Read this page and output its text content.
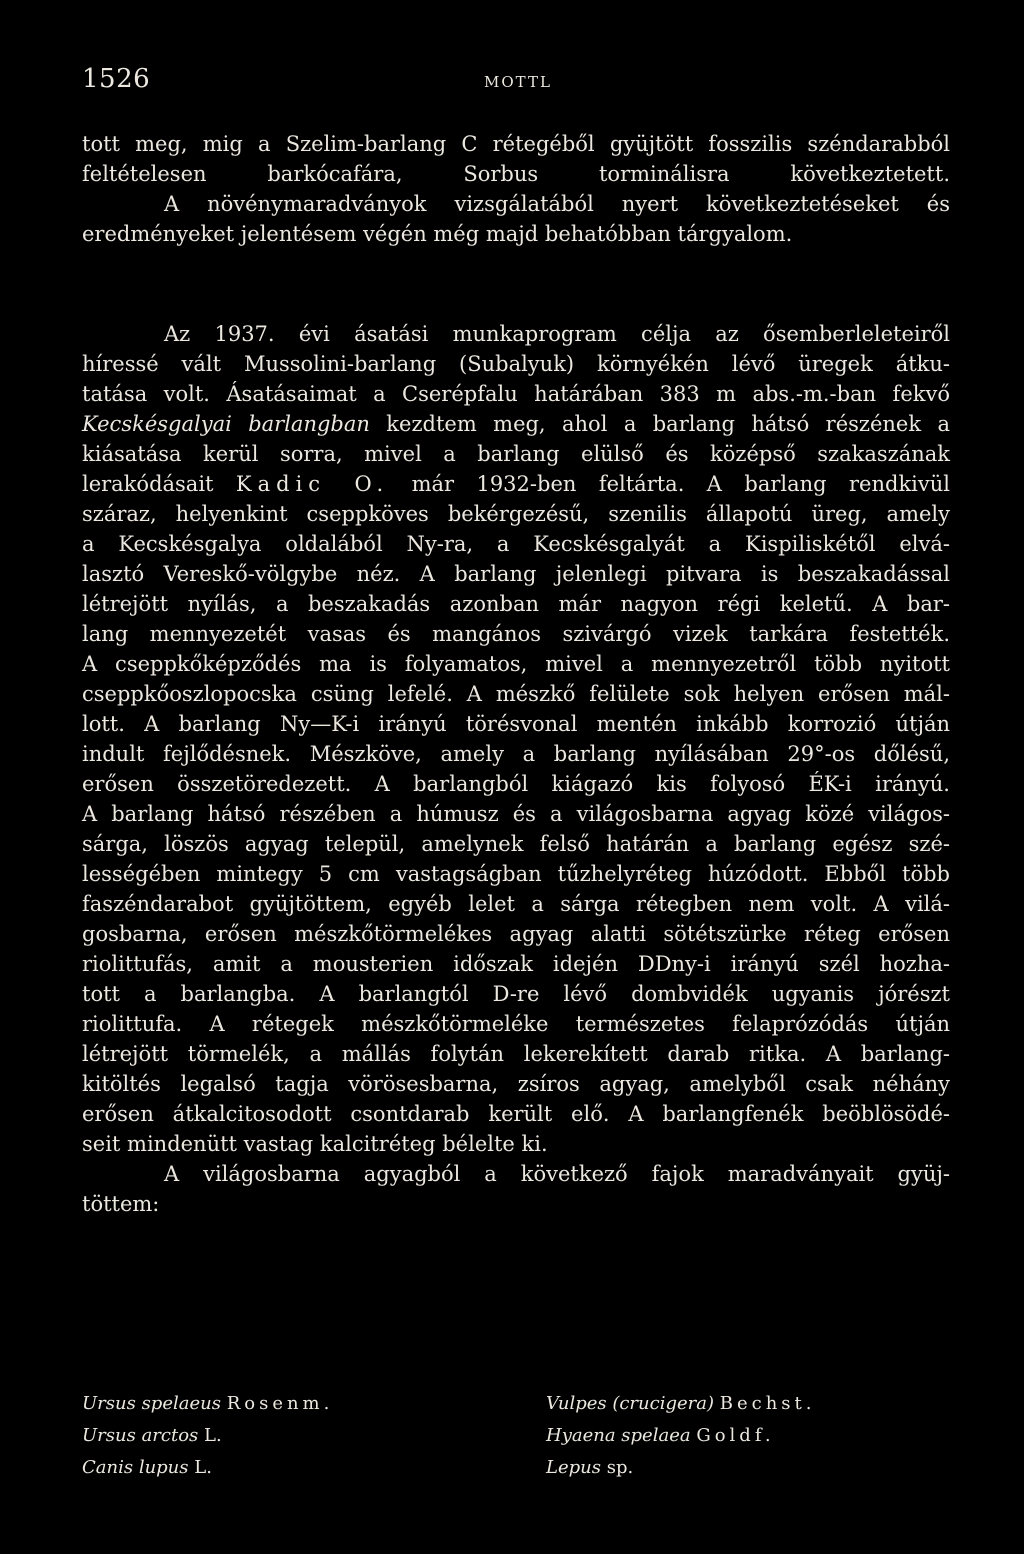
1526	MOTTL
tott meg, mig a Szelim-barlang C rétegéből gyüjtött fosszilis széndarabból
feltételesen barkócafára, Sorbus torminálisra következtetett.
A növénymaradványok vizsgálatából nyert következtetéseket és
eredményeket jelentésem végén még majd behatóbban tárgyalom.
Az 1937. évi ásatási munkaprogram célja az ősemberleleteiről
híressé vált Mussolini-barlang (Subalyuk) környékén lévő üregek átku-
tatása volt. Ásatásaimat a Cserépfalu határában 383 m abs.-m.-ban fekvő
Kecskésgalyai barlangban kezdtem meg, ahol a barlang hátsó részének a
kiásatása kerül sorra, mivel a barlang elülső és középső szakaszának
lerakódásait Kadic O. már 1932-ben feltárta. A barlang rendkivül
száraz, helyenkint cseppköves bekérgezésű, szenilis állapotú üreg, amely
a Kecskésgalya oldalából Ny-ra, a Kecskésgalyát a Kispiliskétől elvá-
lasztó Vereskő-völgybe néz. A barlang jelenlegi pitvara is beszakadással
létrejött nyílás, a beszakadás azonban már nagyon régi keletű. A bar-
lang mennyezetét vasas és mangános szivárgó vizek tarkára festették.
A cseppkőképződés ma is folyamatos, mivel a mennyezetről több nyitott
cseppkőoszlopocska csüng lefelé. A mészkő felülete sok helyen erősen mál-
lott. A barlang Ny—K-i irányú törésvonal mentén inkább korrozió útján
indult fejlődésnek. Mészköve, amely a barlang nyílásában 29°-os dőlésű,
erősen összetöredezett. A barlangból kiágazó kis folyosó ÉK-i irányú.
A barlang hátsó részében a húmusz és a világosbarna agyag közé világos-
sárga, löszös agyag települ, amelynek felső határán a barlang egész szé-
lességében mintegy 5 cm vastagságban tűzhelyréteg húzódott. Ebből több
faszéndarabot gyüjtöttem, egyéb lelet a sárga rétegben nem volt. A vilá-
gosbarna, erősen mészkőtörmelékes agyag alatti sötétszürke réteg erősen
riolittufás, amit a mousterien időszak idején DDny-i irányú szél hozha-
tott a barlangba. A barlangtól D-re lévő dombvidék ugyanis jórészt
riolittufa. A rétegek mészkőtörmeléke természetes felaprózódás útján
létrejött törmelék, a mállás folytán lekerekített darab ritka. A barlang-
kitöltés legalsó tagja vörösesbarna, zsíros agyag, amelyből csak néhány
erősen átkalcitosodott csontdarab került elő. A barlangfenék beöblösödé-
seit mindenütt vastag kalcitréteg bélelte ki.
A világosbarna agyagból a következő fajok maradványait gyüj-
töttem:
Ursus spelaeus Rosenm.
Ursus arctos L.
Canis lupus L.
Vulpes (crucigera) Bechst.
Hyaena spelaea Goldf.
Lepus sp.
